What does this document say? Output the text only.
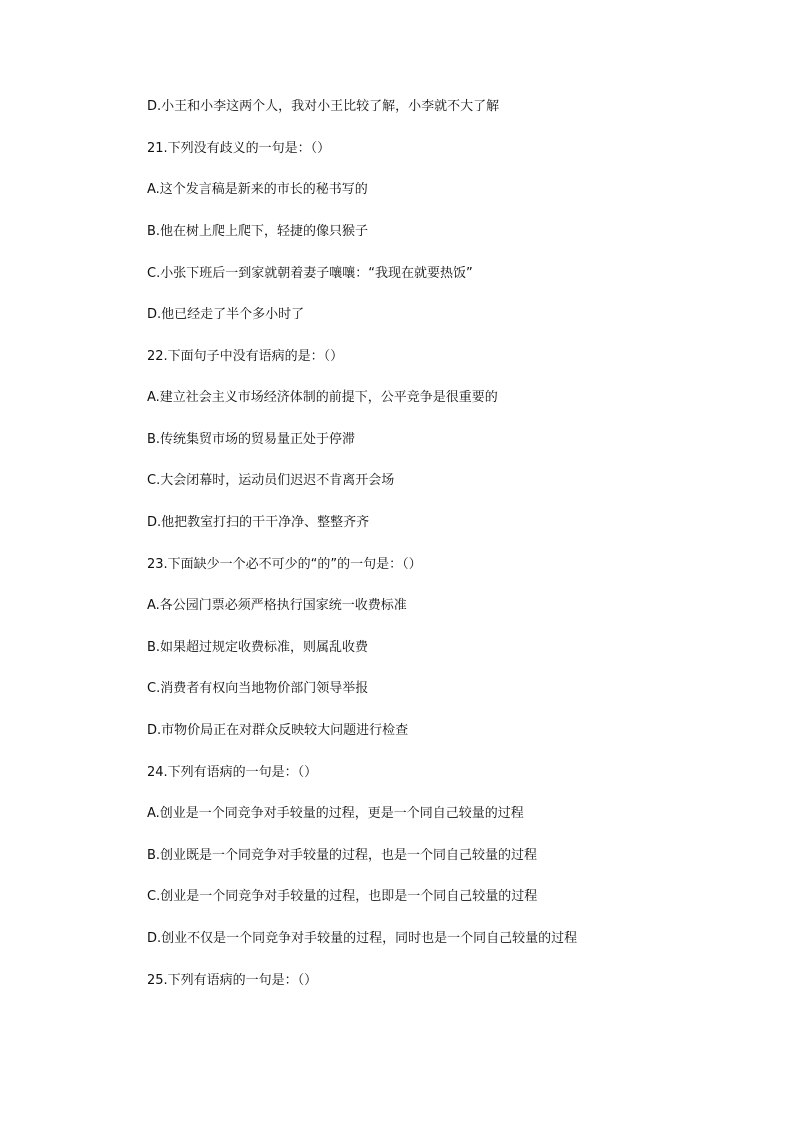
D.小王和小李这两个人，我对小王比较了解，小李就不大了解

21.下列没有歧义的一句是：（）

A.这个发言稿是新来的市长的秘书写的

B.他在树上爬上爬下，轻捷的像只猴子

C.小张下班后一到家就朝着妻子嚷嚷：“我现在就要热饭”

D.他已经走了半个多小时了

22.下面句子中没有语病的是：（）

A.建立社会主义市场经济体制的前提下，公平竞争是很重要的

B.传统集贸市场的贸易量正处于停滞

C.大会闭幕时，运动员们迟迟不肯离开会场

D.他把教室打扫的干干净净、整整齐齐

23.下面缺少一个必不可少的“的”的一句是：（）

A.各公园门票必须严格执行国家统一收费标准

B.如果超过规定收费标准，则属乱收费

C.消费者有权向当地物价部门领导举报

D.市物价局正在对群众反映较大问题进行检查

24.下列有语病的一句是：（）

A.创业是一个同竞争对手较量的过程，更是一个同自己较量的过程

B.创业既是一个同竞争对手较量的过程，也是一个同自己较量的过程

C.创业是一个同竞争对手较量的过程，也即是一个同自己较量的过程

D.创业不仅是一个同竞争对手较量的过程，同时也是一个同自己较量的过程

25.下列有语病的一句是：（）
